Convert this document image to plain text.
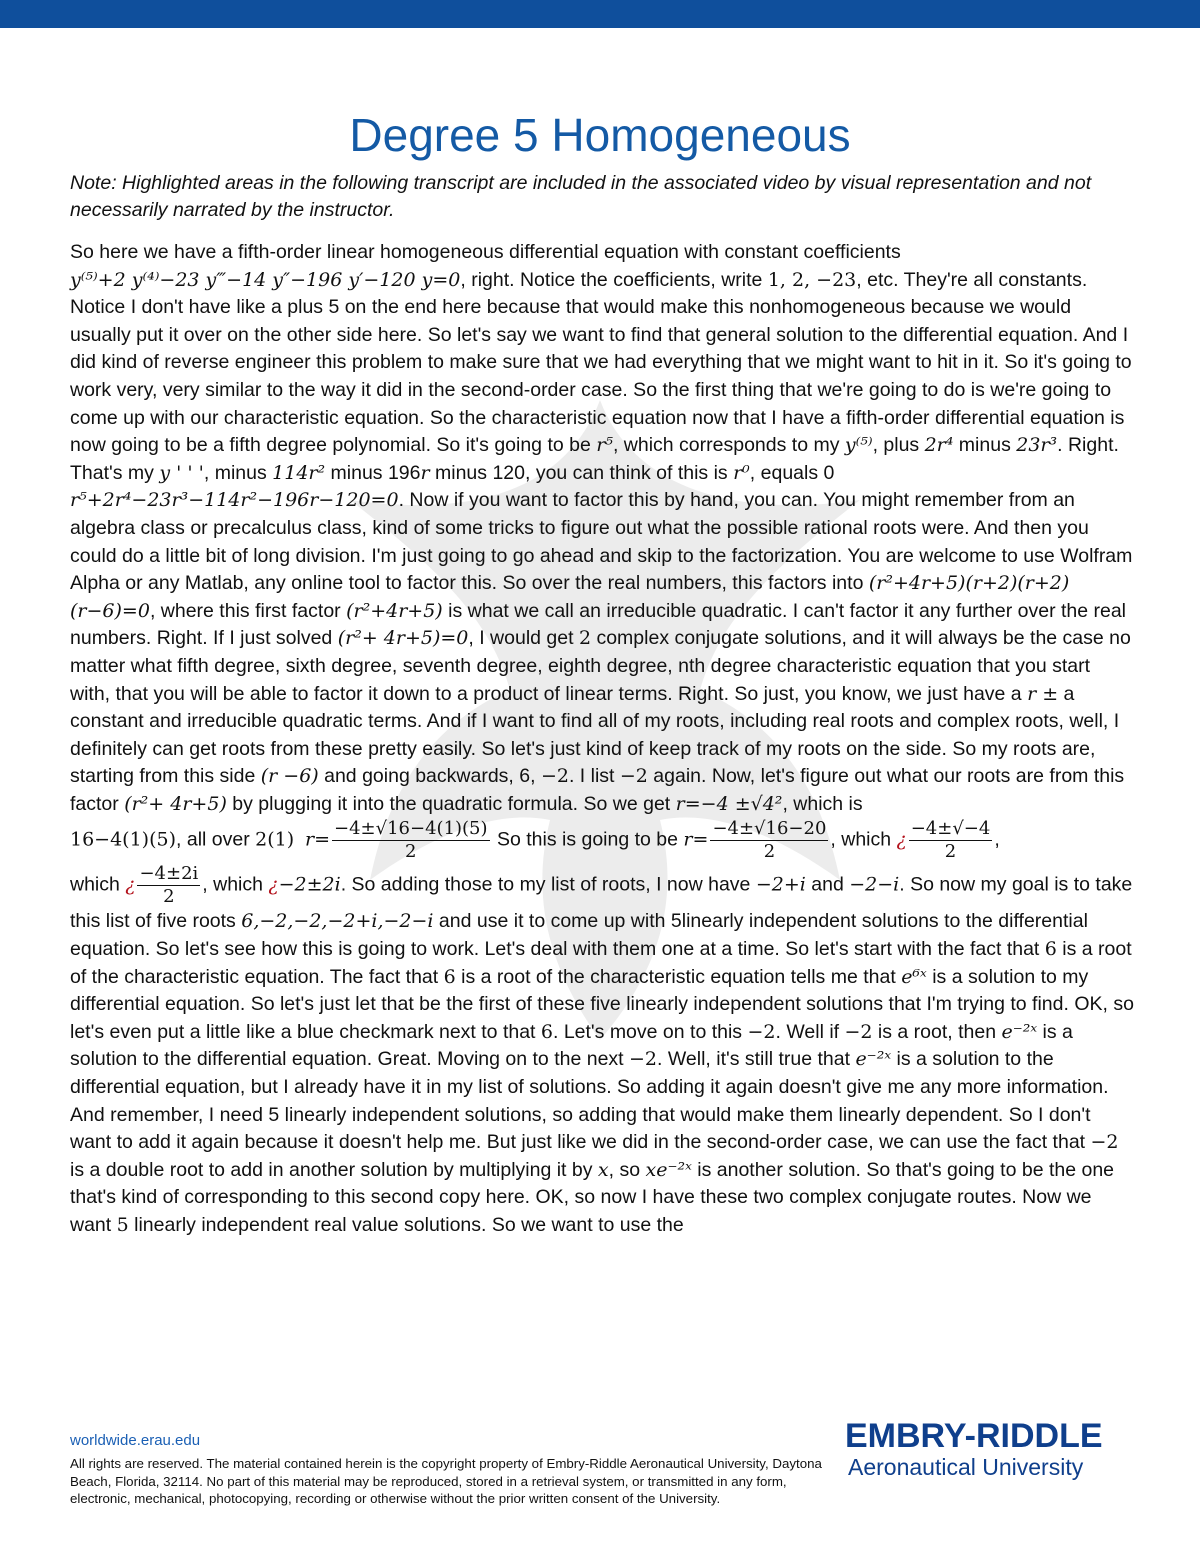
Degree 5 Homogeneous
Note: Highlighted areas in the following transcript are included in the associated video by visual representation and not necessarily narrated by the instructor.
So here we have a fifth-order linear homogeneous differential equation with constant coefficients
y⁽⁵⁾+2 y⁽⁴⁾−23 y‴−14 y″−196 y′−120 y=0, right. Notice the coefficients, write 1, 2, −23, etc. They're all constants. Notice I don't have like a plus 5 on the end here because that would make this nonhomogeneous because we would usually put it over on the other side here. So let's say we want to find that general solution to the differential equation. And I did kind of reverse engineer this problem to make sure that we had everything that we might want to hit in it. So it's going to work very, very similar to the way it did in the second-order case. So the first thing that we're going to do is we're going to come up with our characteristic equation. So the characteristic equation now that I have a fifth-order differential equation is now going to be a fifth degree polynomial. So it's going to be r⁵, which corresponds to my y⁽⁵⁾, plus 2r⁴ minus 23r³. Right. That's my y ' ' ', minus 114r² minus 196r minus 120, you can think of this is r⁰, equals 0
r⁵+2r⁴−23r³−114r²−196r−120=0. Now if you want to factor this by hand, you can. You might remember from an algebra class or precalculus class, kind of some tricks to figure out what the possible rational roots were. And then you could do a little bit of long division. I'm just going to go ahead and skip to the factorization. You are welcome to use Wolfram Alpha or any Matlab, any online tool to factor this. So over the real numbers, this factors into (r²+4r+5)(r+2)(r+2)(r−6)=0, where this first factor (r²+4r+5) is what we call an irreducible quadratic. I can't factor it any further over the real numbers. Right. If I just solved (r²+ 4r+5)=0, I would get 2 complex conjugate solutions, and it will always be the case no matter what fifth degree, sixth degree, seventh degree, eighth degree, nth degree characteristic equation that you start with, that you will be able to factor it down to a product of linear terms. Right. So just, you know, we just have a r ± a constant and irreducible quadratic terms. And if I want to find all of my roots, including real roots and complex roots, well, I definitely can get roots from these pretty easily. So let's just kind of keep track of my roots on the side. So my roots are, starting from this side (r −6) and going backwards, 6, −2. I list −2 again. Now, let's figure out what our roots are from this factor (r²+ 4r+5) by plugging it into the quadratic formula. So we get r=−4 ±√4², which is
16−4(1)(5), all over 2(1) $r= \frac{-4\pm√16-4(1)(5)}{2}$ So this is going to be $r= \frac{-4\pm√16-20}{2}$ , which ¿ $\frac{-4\pm√-4}{2}$ ,
which ¿ $\frac{-4\pm 2i}{2}$ , which ¿−2±2i. So adding those to my list of roots, I now have −2+i and −2−i. So now my goal is to take this list of five roots 6,−2,−2,−2+i,−2−i and use it to come up with 5linearly independent solutions to the differential equation. So let's see how this is going to work. Let's deal with them one at a time. So let's start with the fact that 6 is a root of the characteristic equation. The fact that 6 is a root of the characteristic equation tells me that e⁶ˣ is a solution to my differential equation. So let's just let that be the first of these five linearly independent solutions that I'm trying to find. OK, so let's even put a little like a blue checkmark next to that 6. Let's move on to this −2. Well if −2 is a root, then e⁻²ˣ is a solution to the differential equation. Great. Moving on to the next −2. Well, it's still true that e⁻²ˣ is a solution to the differential equation, but I already have it in my list of solutions. So adding it again doesn't give me any more information. And remember, I need 5 linearly independent solutions, so adding that would make them linearly dependent. So I don't want to add it again because it doesn't help me. But just like we did in the second-order case, we can use the fact that −2 is a double root to add in another solution by multiplying it by x, so xe⁻²ˣ is another solution. So that's going to be the one that's kind of corresponding to this second copy here. OK, so now I have these two complex conjugate routes. Now we want 5 linearly independent real value solutions. So we want to use the
worldwide.erau.edu
All rights are reserved. The material contained herein is the copyright property of Embry-Riddle Aeronautical University, Daytona Beach, Florida, 32114. No part of this material may be reproduced, stored in a retrieval system, or transmitted in any form, electronic, mechanical, photocopying, recording or otherwise without the prior written consent of the University.
EMBRY-RIDDLE
Aeronautical University
